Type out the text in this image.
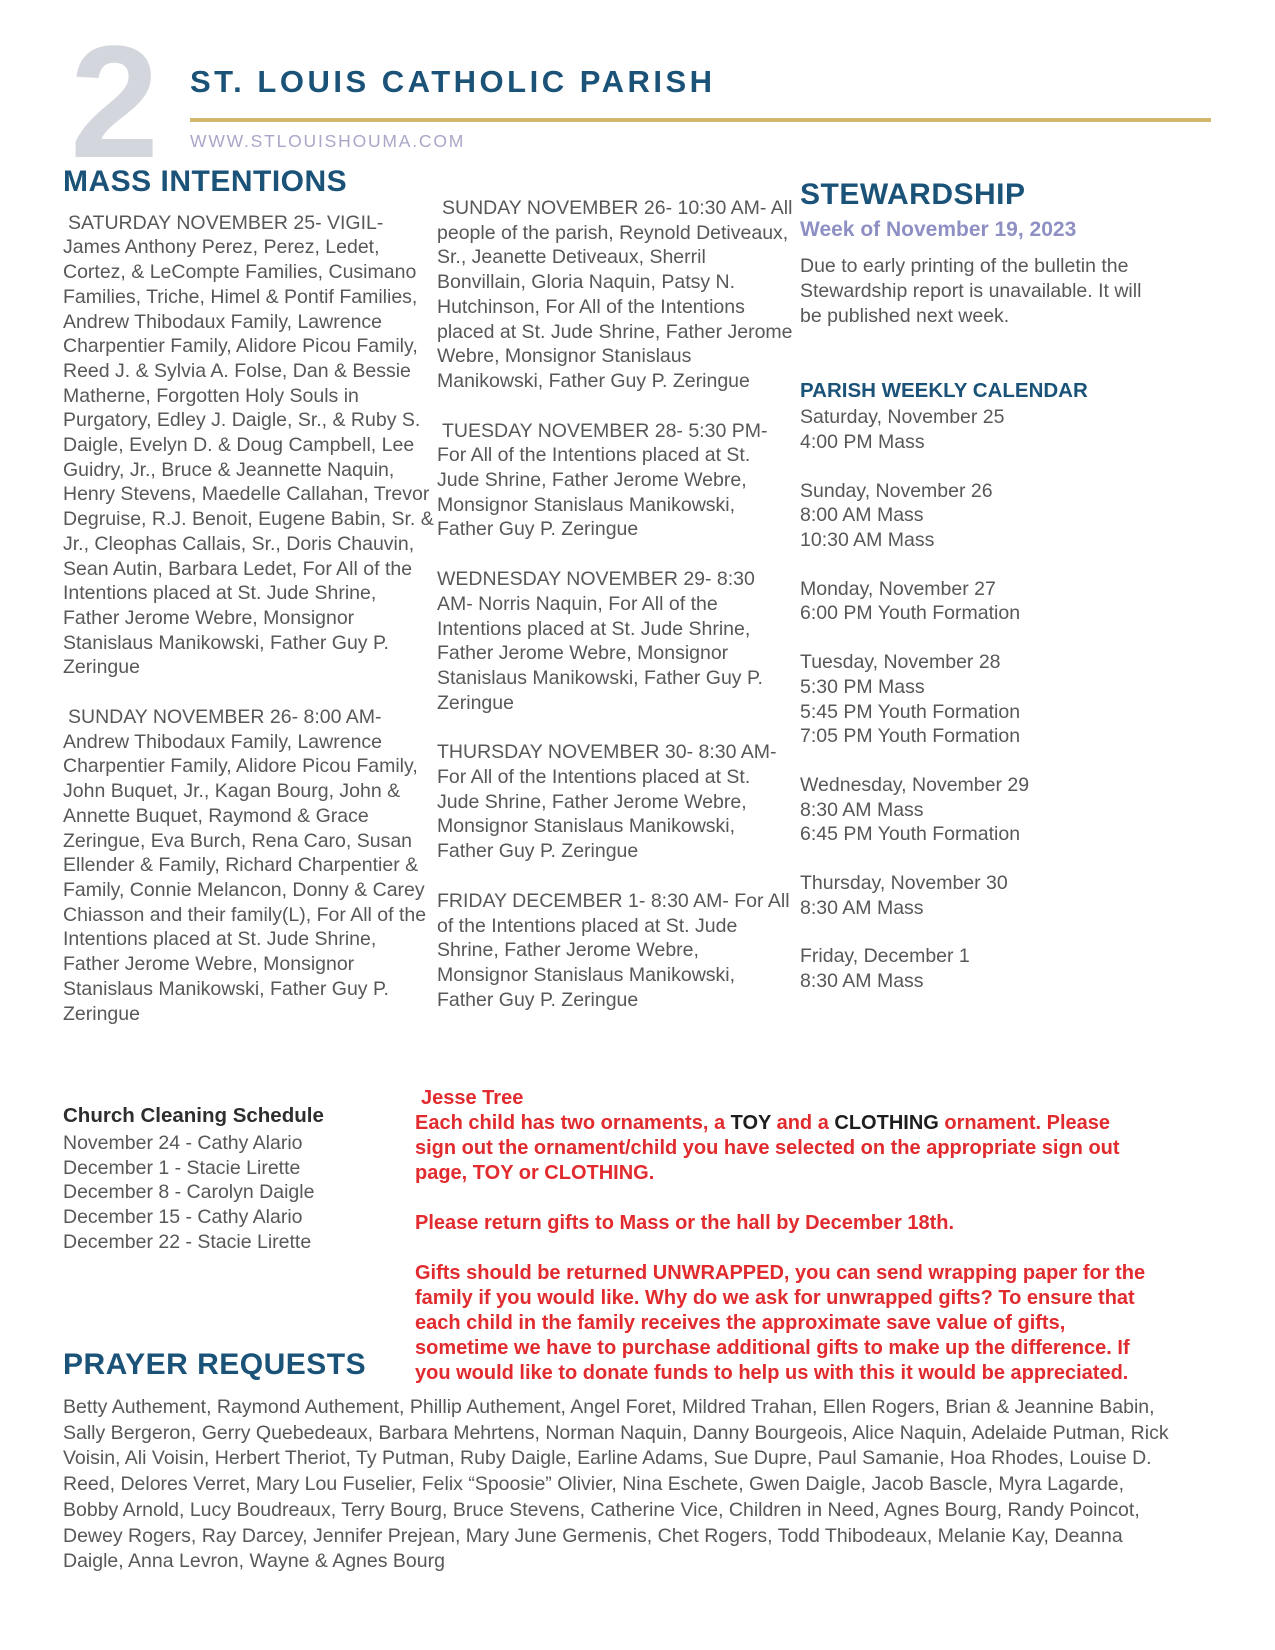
2 ST. LOUIS CATHOLIC PARISH
WWW.STLOUISHOUMA.COM
MASS INTENTIONS

SATURDAY NOVEMBER 25- VIGIL-James Anthony Perez, Perez, Ledet, Cortez, & LeCompte Families, Cusimano Families, Triche, Himel & Pontif Families, Andrew Thibodaux Family, Lawrence Charpentier Family, Alidore Picou Family, Reed J. & Sylvia A. Folse, Dan & Bessie Matherne, Forgotten Holy Souls in Purgatory, Edley J. Daigle, Sr., & Ruby S. Daigle, Evelyn D. & Doug Campbell, Lee Guidry, Jr., Bruce & Jeannette Naquin, Henry Stevens, Maedelle Callahan, Trevor Degruise, R.J. Benoit, Eugene Babin, Sr. & Jr., Cleophas Callais, Sr., Doris Chauvin, Sean Autin, Barbara Ledet, For All of the Intentions placed at St. Jude Shrine, Father Jerome Webre, Monsignor Stanislaus Manikowski, Father Guy P. Zeringue

SUNDAY NOVEMBER 26- 8:00 AM-Andrew Thibodaux Family, Lawrence Charpentier Family, Alidore Picou Family, John Buquet, Jr., Kagan Bourg, John & Annette Buquet, Raymond & Grace Zeringue, Eva Burch, Rena Caro, Susan Ellender & Family, Richard Charpentier & Family, Connie Melancon, Donny & Carey Chiasson and their family(L), For All of the Intentions placed at St. Jude Shrine, Father Jerome Webre, Monsignor Stanislaus Manikowski, Father Guy P. Zeringue

Church Cleaning Schedule
November 24 - Cathy Alario
December 1 - Stacie Lirette
December 8 - Carolyn Daigle
December 15 - Cathy Alario
December 22 - Stacie Lirette

SUNDAY NOVEMBER 26- 10:30 AM- All people of the parish, Reynold Detiveaux, Sr., Jeanette Detiveaux, Sherril Bonvillain, Gloria Naquin, Patsy N. Hutchinson, For All of the Intentions placed at St. Jude Shrine, Father Jerome Webre, Monsignor Stanislaus Manikowski, Father Guy P. Zeringue

TUESDAY NOVEMBER 28- 5:30 PM- For All of the Intentions placed at St. Jude Shrine, Father Jerome Webre, Monsignor Stanislaus Manikowski, Father Guy P. Zeringue

WEDNESDAY NOVEMBER 29- 8:30 AM- Norris Naquin, For All of the Intentions placed at St. Jude Shrine, Father Jerome Webre, Monsignor Stanislaus Manikowski, Father Guy P. Zeringue

THURSDAY NOVEMBER 30- 8:30 AM- For All of the Intentions placed at St. Jude Shrine, Father Jerome Webre, Monsignor Stanislaus Manikowski, Father Guy P. Zeringue

FRIDAY DECEMBER 1- 8:30 AM- For All of the Intentions placed at St. Jude Shrine, Father Jerome Webre, Monsignor Stanislaus Manikowski, Father Guy P. Zeringue

STEWARDSHIP
Week of November 19, 2023

Due to early printing of the bulletin the Stewardship report is unavailable. It will be published next week.

PARISH WEEKLY CALENDAR
Saturday, November 25
4:00 PM Mass
Sunday, November 26
8:00 AM Mass
10:30 AM Mass
Monday, November 27
6:00 PM Youth Formation
Tuesday, November 28
5:30 PM Mass
5:45 PM Youth Formation
7:05 PM Youth Formation
Wednesday, November 29
8:30 AM Mass
6:45 PM Youth Formation
Thursday, November 30
8:30 AM Mass
Friday, December 1
8:30 AM Mass
Jesse Tree

Each child has two ornaments, a TOY and a CLOTHING ornament. Please sign out the ornament/child you have selected on the appropriate sign out page, TOY or CLOTHING.

Please return gifts to Mass or the hall by December 18th.

Gifts should be returned UNWRAPPED, you can send wrapping paper for the family if you would like. Why do we ask for unwrapped gifts? To ensure that each child in the family receives the approximate save value of gifts, sometime we have to purchase additional gifts to make up the difference. If you would like to donate funds to help us with this it would be appreciated.

PRAYER REQUESTS

Betty Authement, Raymond Authement, Phillip Authement, Angel Foret, Mildred Trahan, Ellen Rogers, Brian & Jeannine Babin, Sally Bergeron, Gerry Quebedeaux, Barbara Mehrtens, Norman Naquin, Danny Bourgeois, Alice Naquin, Adelaide Putman, Rick Voisin, Ali Voisin, Herbert Theriot, Ty Putman, Ruby Daigle, Earline Adams, Sue Dupre, Paul Samanie, Hoa Rhodes, Louise D. Reed, Delores Verret, Mary Lou Fuselier, Felix “Spoosie” Olivier, Nina Eschete, Gwen Daigle, Jacob Bascle, Myra Lagarde, Bobby Arnold, Lucy Boudreaux, Terry Bourg, Bruce Stevens, Catherine Vice, Children in Need, Agnes Bourg, Randy Poincot, Dewey Rogers, Ray Darcey, Jennifer Prejean, Mary June Germenis, Chet Rogers, Todd Thibodeaux, Melanie Kay, Deanna Daigle, Anna Levron, Wayne & Agnes Bourg
